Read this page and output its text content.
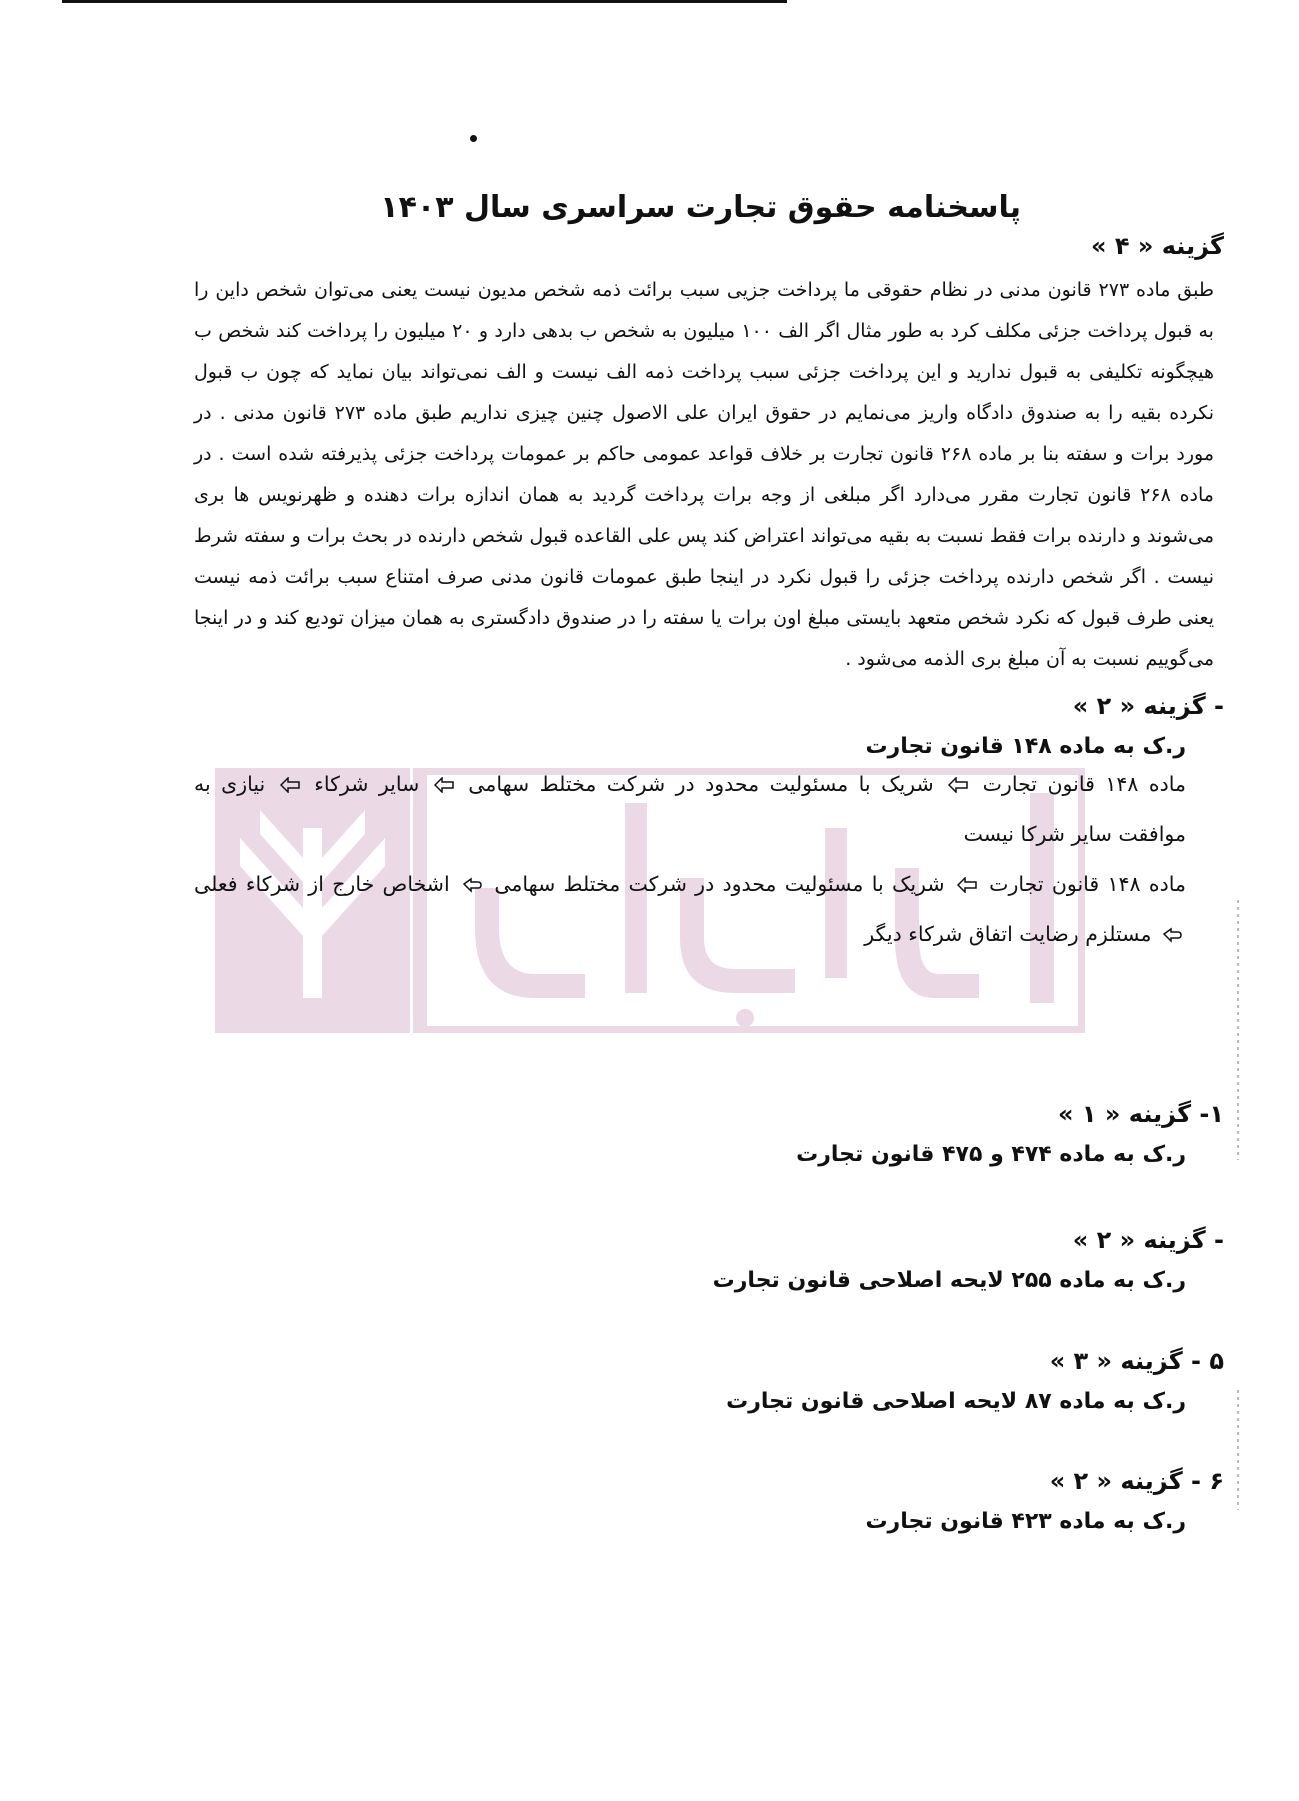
پاسخنامه حقوق تجارت سراسری سال ۱۴۰۳
گزینه « ۴ »
طبق ماده ۲۷۳ قانون مدنی در نظام حقوقی ما پرداخت جزیی سبب برائت ذمه شخص مدیون نیست یعنی می‌توان شخص داین را به قبول پرداخت جزئی مکلف کرد به طور مثال اگر الف ۱۰۰ میلیون به شخص ب بدهی دارد و ۲۰ میلیون را پرداخت کند شخص ب هیچگونه تکلیفی به قبول ندارید و این پرداخت جزئی سبب پرداخت ذمه الف نیست و الف نمی‌تواند بیان نماید که چون ب قبول نکرده بقیه را به صندوق دادگاه واریز می‌نمایم در حقوق ایران علی الاصول چنین چیزی نداریم طبق ماده ۲۷۳ قانون مدنی . در مورد برات و سفته بنا بر ماده ۲۶۸ قانون تجارت بر خلاف قواعد عمومی حاکم بر عمومات پرداخت جزئی پذیرفته شده است . در ماده ۲۶۸ قانون تجارت مقرر می‌دارد اگر مبلغی از وجه برات پرداخت گردید به همان اندازه برات دهنده و ظهرنویس ها بری می‌شوند و دارنده برات فقط نسبت به بقیه می‌تواند اعتراض کند پس علی القاعده قبول شخص دارنده در بحث برات و سفته شرط نیست . اگر شخص دارنده پرداخت جزئی را قبول نکرد در اینجا طبق عمومات قانون مدنی صرف امتناع سبب برائت ذمه نیست یعنی طرف قبول که نکرد شخص متعهد بایستی مبلغ اون برات یا سفته را در صندوق دادگستری به همان میزان تودیع کند و در اینجا می‌گوییم نسبت به آن مبلغ بری الذمه می‌شود .
- گزینه « ۲ »
ر.ک به ماده ۱۴۸ قانون تجارت
ماده ۱۴۸ قانون تجارت  شریک با مسئولیت محدود در شرکت مختلط سهامی  سایر شرکاء  نیازی به موافقت سایر شرکا نیست
ماده ۱۴۸ قانون تجارت  شریک با مسئولیت محدود در شرکت مختلط سهامی  اشخاص خارج از شرکاء فعلی  مستلزم رضایت اتفاق شرکاء دیگر
۱- گزینه « ۱ »
ر.ک به ماده ۴۷۴ و ۴۷۵ قانون تجارت
- گزینه « ۲ »
ر.ک به ماده ۲۵۵ لایحه اصلاحی قانون تجارت
۵ - گزینه « ۳ »
ر.ک به ماده ۸۷ لایحه اصلاحی قانون تجارت
۶ - گزینه « ۲ »
ر.ک به ماده ۴۲۳ قانون تجارت
